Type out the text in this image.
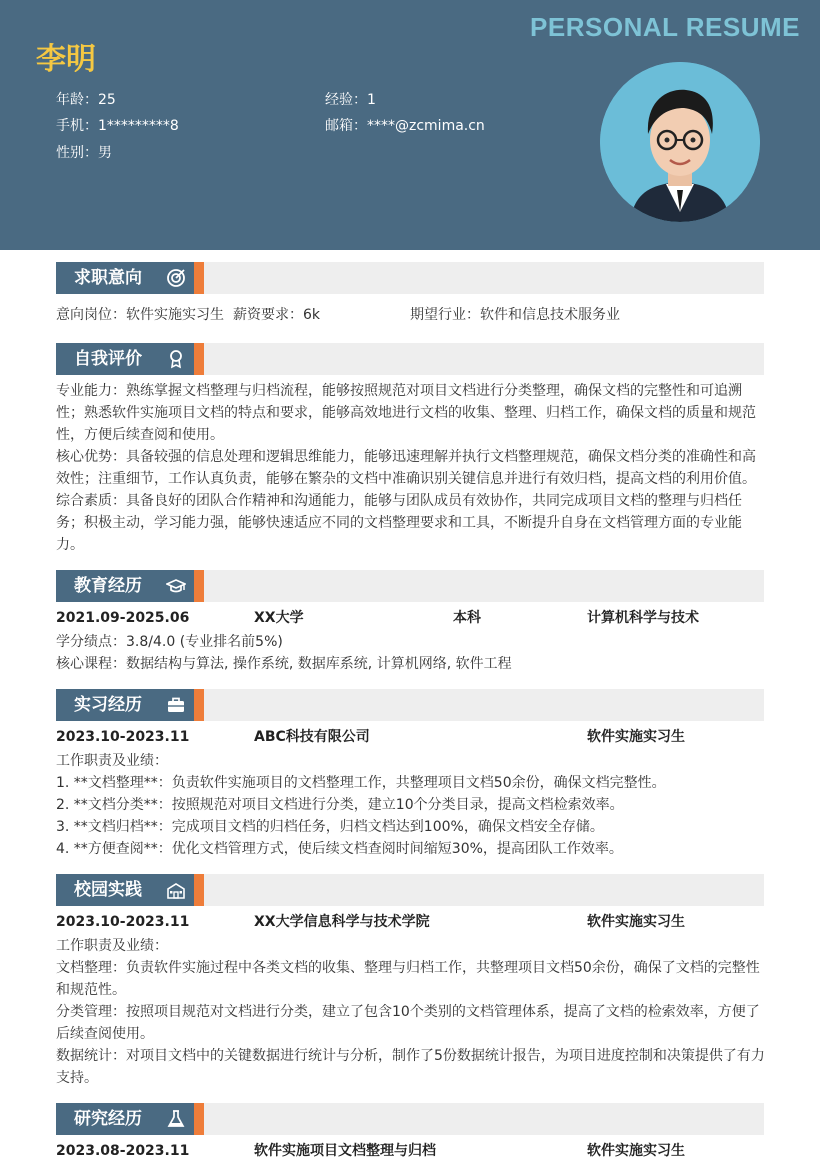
PERSONAL RESUME
李明
年龄：25	经验：1
手机：1*********8	邮箱：****@zcmima.cn
性别：男
求职意向
意向岗位：软件实施实习生 薪资要求：6k	期望行业：软件和信息技术服务业
自我评价
专业能力：熟练掌握文档整理与归档流程，能够按照规范对项目文档进行分类整理，确保文档的完整性和可追溯性；熟悉软件实施项目文档的特点和要求，能够高效地进行文档的收集、整理、归档工作，确保文档的质量和规范性，方便后续查阅和使用。
核心优势：具备较强的信息处理和逻辑思维能力，能够迅速理解并执行文档整理规范，确保文档分类的准确性和高效性；注重细节，工作认真负责，能够在繁杂的文档中准确识别关键信息并进行有效归档，提高文档的利用价值。
综合素质：具备良好的团队合作精神和沟通能力，能够与团队成员有效协作，共同完成项目文档的整理与归档任务；积极主动，学习能力强，能够快速适应不同的文档整理要求和工具，不断提升自身在文档管理方面的专业能力。
教育经历
2021.09-2025.06	XX大学	本科	计算机科学与技术
学分绩点：3.8/4.0 (专业排名前5%)
核心课程：数据结构与算法, 操作系统, 数据库系统, 计算机网络, 软件工程
实习经历
2023.10-2023.11	ABC科技有限公司	软件实施实习生
工作职责及业绩：
1. **文档整理**：负责软件实施项目的文档整理工作，共整理项目文档50余份，确保文档完整性。
2. **文档分类**：按照规范对项目文档进行分类，建立10个分类目录，提高文档检索效率。
3. **文档归档**：完成项目文档的归档任务，归档文档达到100%，确保文档安全存储。
4. **方便查阅**：优化文档管理方式，使后续文档查阅时间缩短30%，提高团队工作效率。
校园实践
2023.10-2023.11	XX大学信息科学与技术学院	软件实施实习生
工作职责及业绩：
文档整理：负责软件实施过程中各类文档的收集、整理与归档工作，共整理项目文档50余份，确保了文档的完整性和规范性。
分类管理：按照项目规范对文档进行分类，建立了包含10个类别的文档管理体系，提高了文档的检索效率，方便了后续查阅使用。
数据统计：对项目文档中的关键数据进行统计与分析，制作了5份数据统计报告，为项目进度控制和决策提供了有力支持。
研究经历
2023.08-2023.11	软件实施项目文档整理与归档	软件实施实习生
